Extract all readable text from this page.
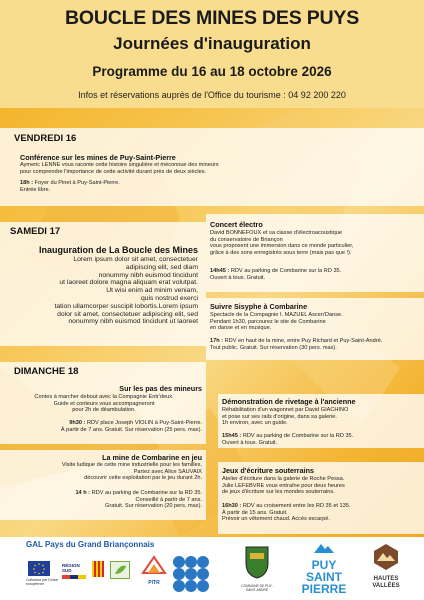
BOUCLE DES MINES DES PUYS
Journées d'inauguration
Programme du 16 au 18 octobre 2026
Infos et réservations auprès de l'Office du tourisme : 04 92 200 220
VENDREDI 16
Conférence sur les mines de Puy-Saint-Pierre
Aymeric LENNE vous raconte cette histoire singulière et méconnue des mineurs
pour comprendre l'importance de cette activité durant près de deux siècles.
18h : Foyer du Pinet à Puy-Saint-Pierre.
Entrée libre.
SAMEDI 17
Inauguration de La Boucle des Mines
Lorem ipsum dolor sit amet, consectetuer
adipiscing elit, sed diam
nonummy nibh euismod tincidunt
ut laoreet dolore magna aliquam erat volutpat.
Ut wisi enim ad minim veniam,
quis nostrud exerci
tation ullamcorper suscipit lobortis.Lorem ipsum
dolor sit amet, consectetuer adipiscing elit, sed
nonummy nibh euismod tincidunt ut laoreet
Concert électro
David BONNEFOUX et sa classe d'électroacoustique
du conservatoire de Briançon
vous proposent une immersion dans ce monde particulier,
grâce à des sons enregistrés sous terre (mais pas que !).
14h45 : RDV au parking de Combarine sur la RD 35.
Ouvert à tous. Gratuit.
Suivre Sisyphe à Combarine
Spectacle de la Compagnie I. MAZUEL Ascen'Danse.
Pendant 1h30, parcourez le site de Combarine
en danse et en musique.
17h : RDV en haut de la mine, entre Puy Richard et Puy-Saint-André.
Tout public. Gratuit. Sur réservation (30 pers. max).
DIMANCHE 18
Sur les pas des mineurs
Contes à marcher debout avec la Compagnie Entr'deux.
Guide et conteurs vous accompagneront
pour 2h de déambulation.
9h30 : RDV place Joseph VIOLIN à Puy-Saint-Pierre.
À partir de 7 ans. Gratuit. Sur réservation (25 pers. max).
La mine de Combarine en jeu
Visite ludique de cette mine industrielle pour les familles.
Partez avec Alice SAUVAIX
découvrir cette exploitation par le jeu durant 2h.
14 h : RDV au parking de Combarine sur la RD 35.
Conseillé à partir de 7 ans.
Gratuit. Sur réservation (20 pers. max).
Démonstration de rivetage à l'ancienne
Réhabilitation d'un wagonnet par David GIACHINO
et pose sur ses rails d'origine, dans sa galerie.
1h environ, avec un guide.
15h45 : RDV au parking de Combarine sur la RD 35.
Ouvert à tous. Gratuit.
Jeux d'écriture souterrains
Atelier d'écriture dans la galerie de Roche Pessa.
Julie LEFEBVRE vous entraîne pour deux heures
de jeux d'écriture sur les mondes souterrains.
16h30 : RDV au croisement entre les RD 35 et 135.
À partir de 15 ans. Gratuit.
Prévoir un vêtement chaud. Accès escarpé.
GAL Pays du Grand Briançonnais
Cofinancé par l'Union européenne
RÉGION SUD
PITR	COMMUNE DE PUY-SAINT-ANDRÉ
PUY
SAINT
PIERRE
HAUTES
VALLÉES
